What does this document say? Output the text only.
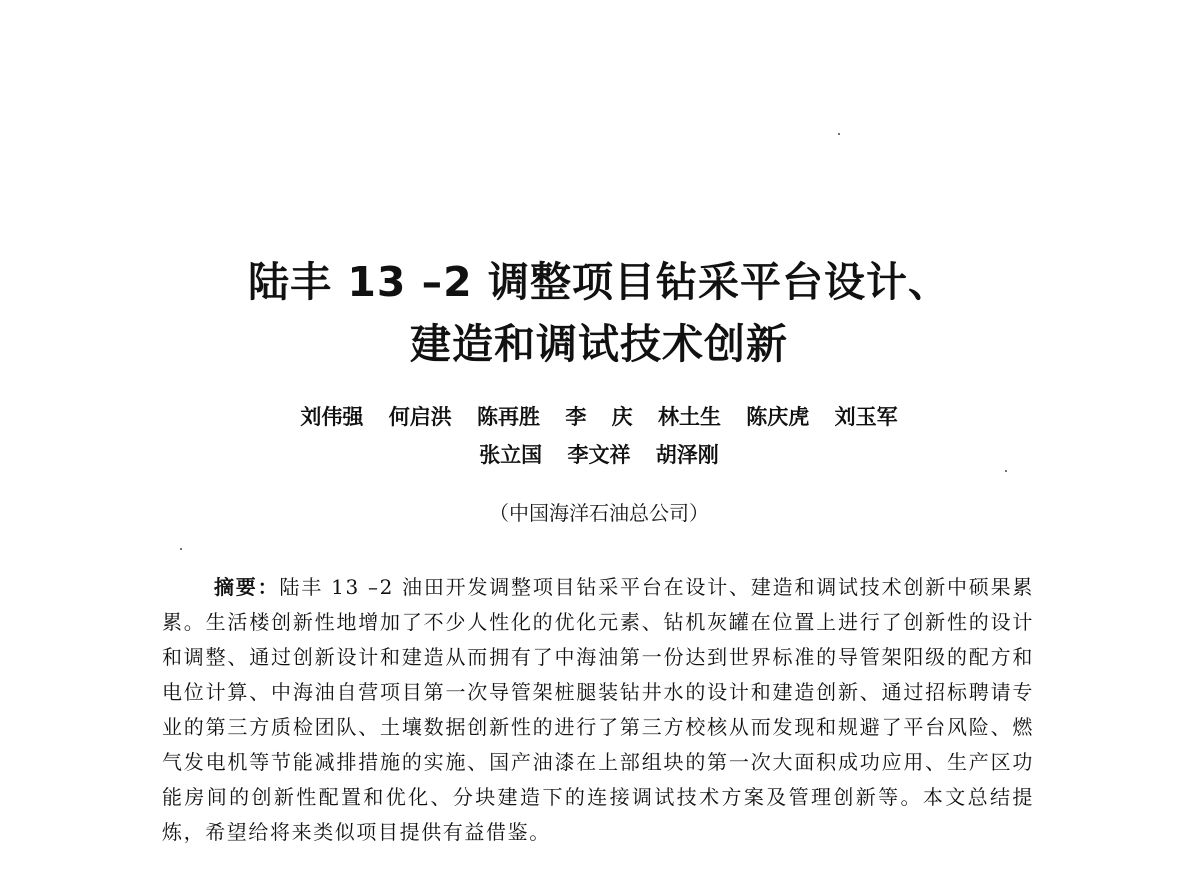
陆丰 13 –2 调整项目钻采平台设计、
建造和调试技术创新
刘伟强 何启洪 陈再胜 李 庆 林土生 陈庆虎 刘玉军
张立国 李文祥 胡泽刚
（中国海洋石油总公司）

摘要：陆丰 13 –2 油田开发调整项目钻采平台在设计、建造和调试技术创新中硕果累累。生活楼创新性地增加了不少人性化的优化元素、钻机灰罐在位置上进行了创新性的设计和调整、通过创新设计和建造从而拥有了中海油第一份达到世界标准的导管架阳级的配方和电位计算、中海油自营项目第一次导管架桩腿装钻井水的设计和建造创新、通过招标聘请专业的第三方质检团队、土壤数据创新性的进行了第三方校核从而发现和规避了平台风险、燃气发电机等节能减排措施的实施、国产油漆在上部组块的第一次大面积成功应用、生产区功能房间的创新性配置和优化、分块建造下的连接调试技术方案及管理创新等。本文总结提炼，希望给将来类似项目提供有益借鉴。
